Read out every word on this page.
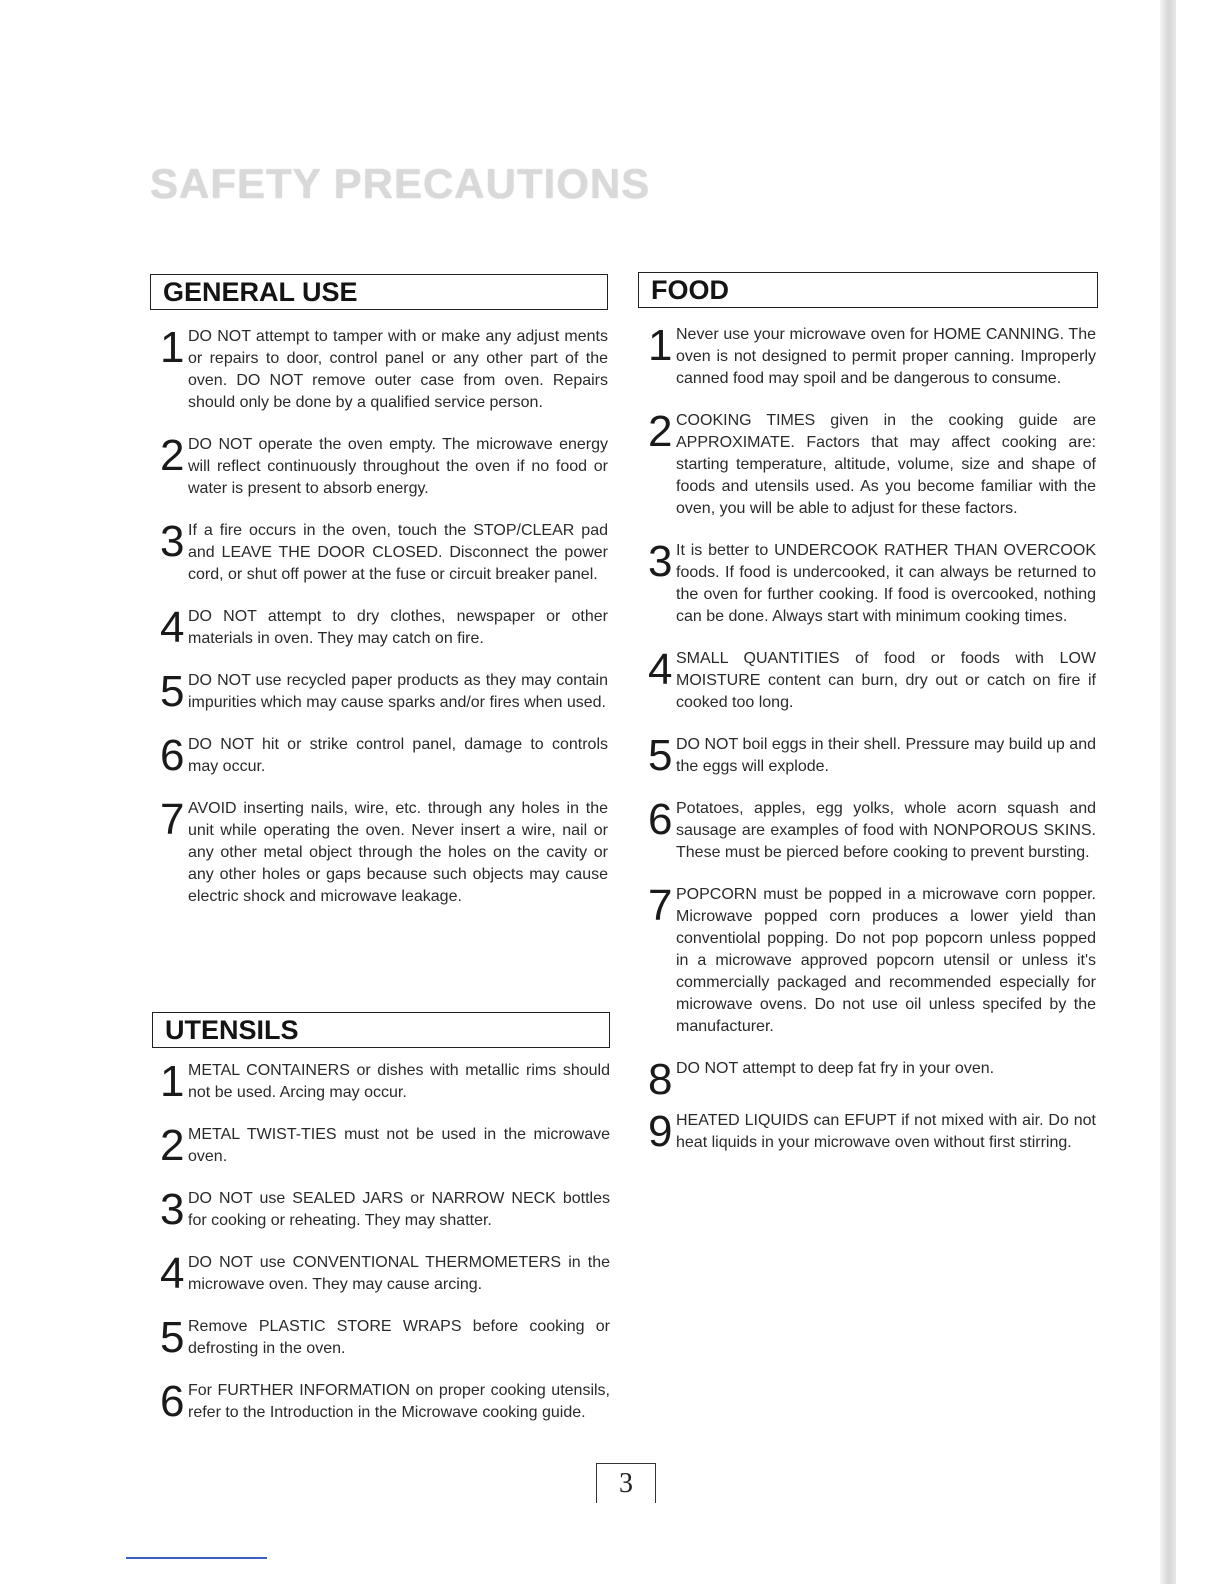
SAFETY PRECAUTIONS
GENERAL USE
1 DO NOT attempt to tamper with or make any adjust ments or repairs to door, control panel or any other part of the oven. DO NOT remove outer case from oven. Repairs should only be done by a qualified service person.
2 DO NOT operate the oven empty. The microwave energy will reflect continuously throughout the oven if no food or water is present to absorb energy.
3 If a fire occurs in the oven, touch the STOP/CLEAR pad and LEAVE THE DOOR CLOSED. Disconnect the power cord, or shut off power at the fuse or circuit breaker panel.
4 DO NOT attempt to dry clothes, newspaper or other materials in oven. They may catch on fire.
5 DO NOT use recycled paper products as they may contain impurities which may cause sparks and/or fires when used.
6 DO NOT hit or strike control panel, damage to controls may occur.
7 AVOID inserting nails, wire, etc. through any holes in the unit while operating the oven. Never insert a wire, nail or any other metal object through the holes on the cavity or any other holes or gaps because such objects may cause electric shock and microwave leakage.
UTENSILS
1 METAL CONTAINERS or dishes with metallic rims should not be used. Arcing may occur.
2 METAL TWIST-TIES must not be used in the microwave oven.
3 DO NOT use SEALED JARS or NARROW NECK bottles for cooking or reheating. They may shatter.
4 DO NOT use CONVENTIONAL THERMOMETERS in the microwave oven. They may cause arcing.
5 Remove PLASTIC STORE WRAPS before cooking or defrosting in the oven.
6 For FURTHER INFORMATION on proper cooking utensils, refer to the Introduction in the Microwave cooking guide.
FOOD
1 Never use your microwave oven for HOME CANNING. The oven is not designed to permit proper canning. Improperly canned food may spoil and be dangerous to consume.
2 COOKING TIMES given in the cooking guide are APPROXIMATE. Factors that may affect cooking are: starting temperature, altitude, volume, size and shape of foods and utensils used. As you become familiar with the oven, you will be able to adjust for these factors.
3 It is better to UNDERCOOK RATHER THAN OVERCOOK foods. If food is undercooked, it can always be returned to the oven for further cooking. If food is overcooked, nothing can be done. Always start with minimum cooking times.
4 SMALL QUANTITIES of food or foods with LOW MOISTURE content can burn, dry out or catch on fire if cooked too long.
5 DO NOT boil eggs in their shell. Pressure may build up and the eggs will explode.
6 Potatoes, apples, egg yolks, whole acorn squash and sausage are examples of food with NONPOROUS SKINS. These must be pierced before cooking to prevent bursting.
7 POPCORN must be popped in a microwave corn popper. Microwave popped corn produces a lower yield than conventiolal popping. Do not pop popcorn unless popped in a microwave approved popcorn utensil or unless it's commercially packaged and recommended especially for microwave ovens. Do not use oil unless specifed by the manufacturer.
8 DO NOT attempt to deep fat fry in your oven.
9 HEATED LIQUIDS can EFUPT if not mixed with air. Do not heat liquids in your microwave oven without first stirring.
3
